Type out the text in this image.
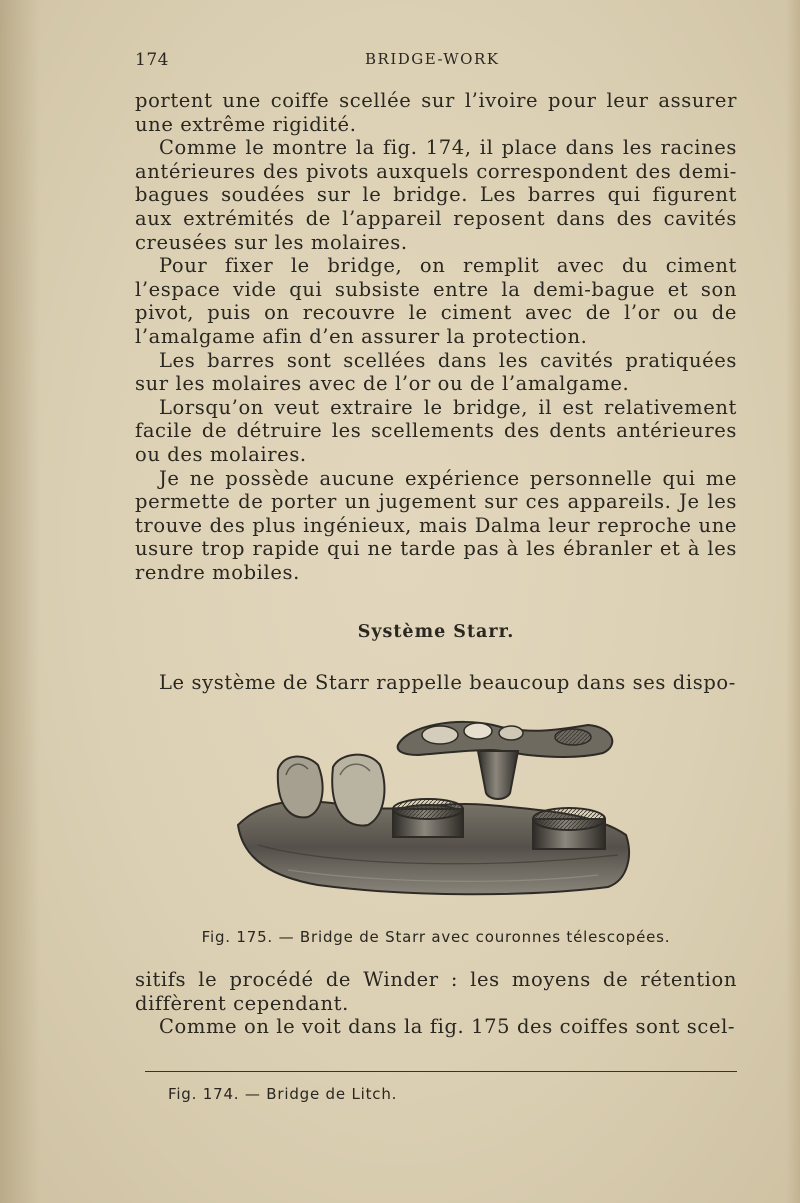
174	BRIDGE-WORK

portent une coiffe scellée sur l’ivoire pour leur assurer une extrême rigidité.

Comme le montre la fig. 174, il place dans les racines antérieures des pivots auxquels correspondent des demi-bagues soudées sur le bridge. Les barres qui figurent aux extrémités de l’appareil reposent dans des cavités creusées sur les molaires.

Pour fixer le bridge, on remplit avec du ciment l’espace vide qui subsiste entre la demi-bague et son pivot, puis on recouvre le ciment avec de l’or ou de l’amalgame afin d’en assurer la protection.

Les barres sont scellées dans les cavités pratiquées sur les molaires avec de l’or ou de l’amalgame.

Lorsqu’on veut extraire le bridge, il est relativement facile de détruire les scellements des dents antérieures ou des molaires.

Je ne possède aucune expérience personnelle qui me permette de porter un jugement sur ces appareils. Je les trouve des plus ingénieux, mais Dalma leur reproche une usure trop rapide qui ne tarde pas à les ébranler et à les rendre mobiles.

Système Starr.

Le système de Starr rappelle beaucoup dans ses dispo-

Fig. 175. — Bridge de Starr avec couronnes télescopées.

sitifs le procédé de Winder : les moyens de rétention diffèrent cependant.

Comme on le voit dans la fig. 175 des coiffes sont scel-

Fig. 174. — Bridge de Litch.
